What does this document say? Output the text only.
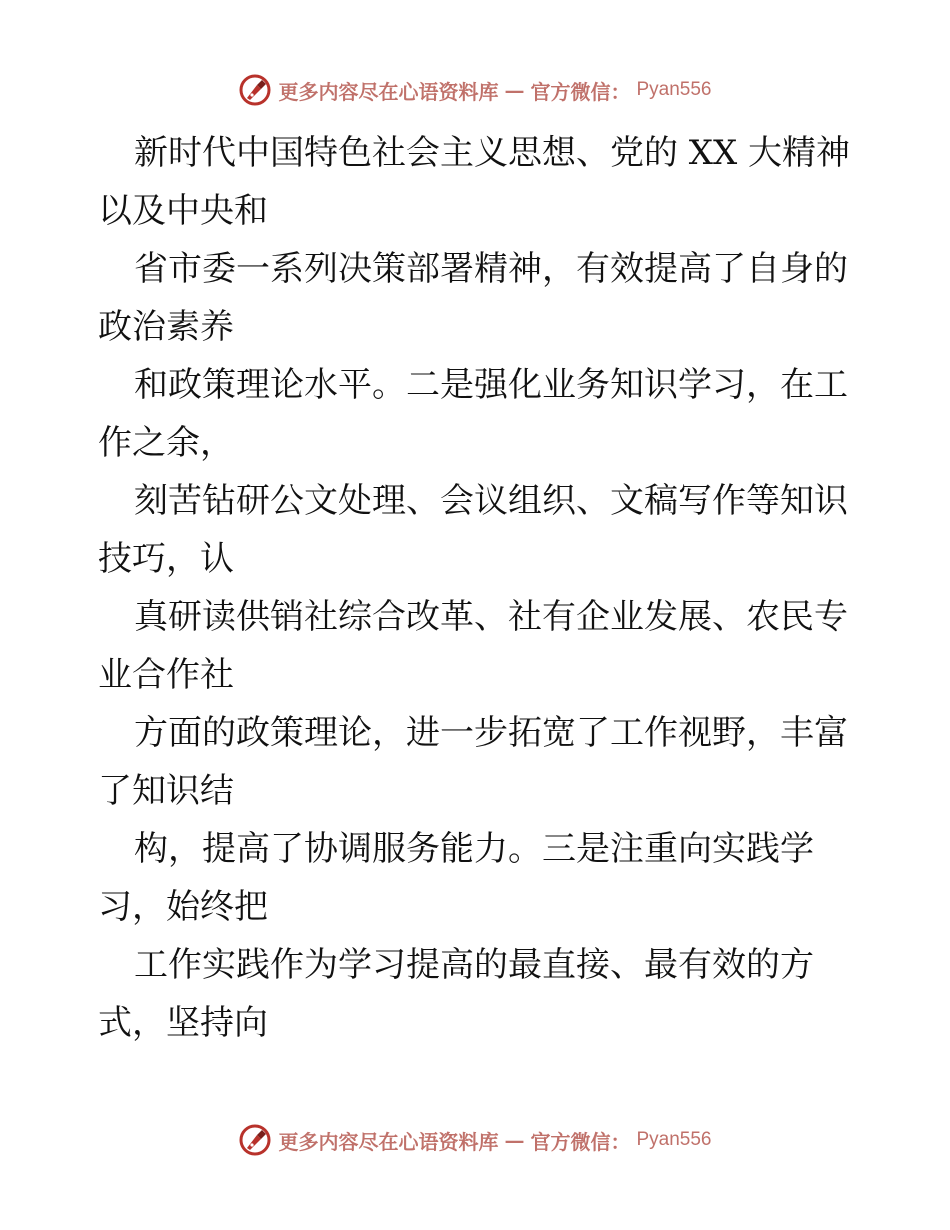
更多内容尽在心语资料库 — 官方微信： Pyan556

新时代中国特色社会主义思想、党的 XX 大精神
以及中央和

省市委一系列决策部署精神，有效提高了自身的
政治素养

和政策理论水平。二是强化业务知识学习，在工
作之余，

刻苦钻研公文处理、会议组织、文稿写作等知识
技巧，认

真研读供销社综合改革、社有企业发展、农民专
业合作社

方面的政策理论，进一步拓宽了工作视野，丰富
了知识结

构，提高了协调服务能力。三是注重向实践学
习，始终把

工作实践作为学习提高的最直接、最有效的方
式，坚持向

更多内容尽在心语资料库 — 官方微信： Pyan556
